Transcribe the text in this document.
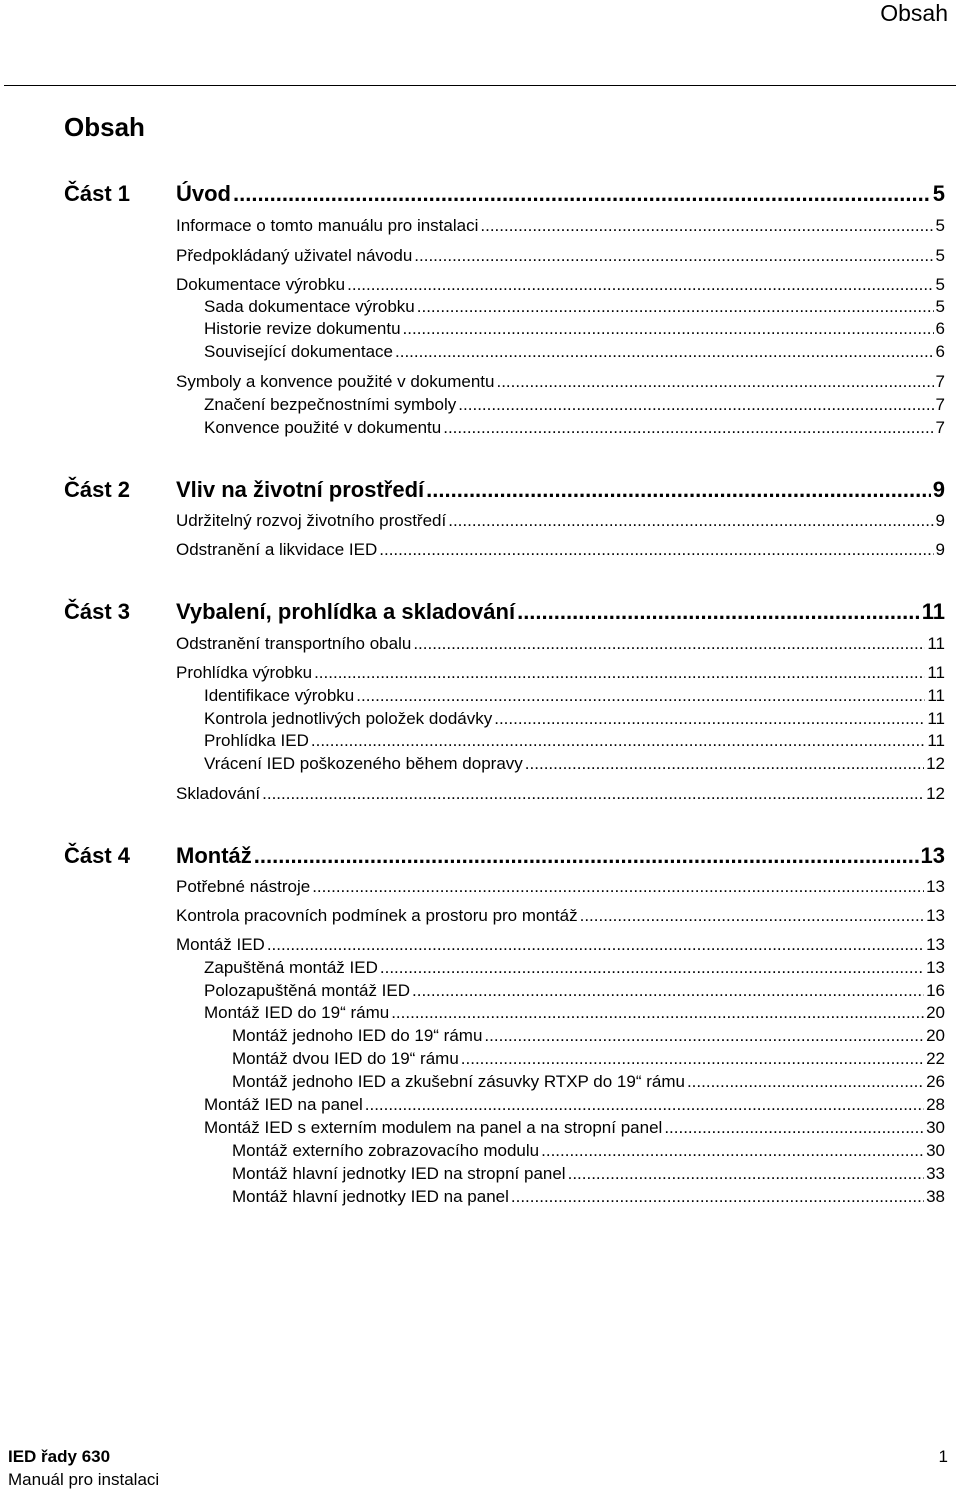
Obsah
Obsah
Část 1 Úvod .....	5
Informace o tomto manuálu pro instalaci .....	5
Předpokládaný uživatel návodu .....	5
Dokumentace výrobku .....	5
Sada dokumentace výrobku .....	5
Historie revize dokumentu .....	6
Související dokumentace .....	6
Symboly a konvence použité v dokumentu .....	7
Značení bezpečnostními symboly .....	7
Konvence použité v dokumentu .....	7
Část 2 Vliv na životní prostředí .....	9
Udržitelný rozvoj životního prostředí .....	9
Odstranění a likvidace IED .....	9
Část 3 Vybalení, prohlídka a skladování .....	11
Odstranění transportního obalu .....	11
Prohlídka výrobku .....	11
Identifikace výrobku .....	11
Kontrola jednotlivých položek dodávky .....	11
Prohlídka IED .....	11
Vrácení IED poškozeného během dopravy .....	12
Skladování .....	12
Část 4 Montáž .....	13
Potřebné nástroje .....	13
Kontrola pracovních podmínek a prostoru pro montáž .....	13
Montáž IED .....	13
Zapuštěná montáž IED .....	13
Polozapuštěná montáž IED .....	16
Montáž IED do 19“ rámu .....	20
Montáž jednoho IED do 19“ rámu .....	20
Montáž dvou IED do 19“ rámu .....	22
Montáž jednoho IED a zkušební zásuvky RTXP do 19“ rámu .....	26
Montáž IED na panel .....	28
Montáž IED s externím modulem na panel a na stropní panel .....	30
Montáž externího zobrazovacího modulu .....	30
Montáž hlavní jednotky IED na stropní panel .....	33
Montáž hlavní jednotky IED na panel .....	38
IED řady 630	1
Manuál pro instalaci
